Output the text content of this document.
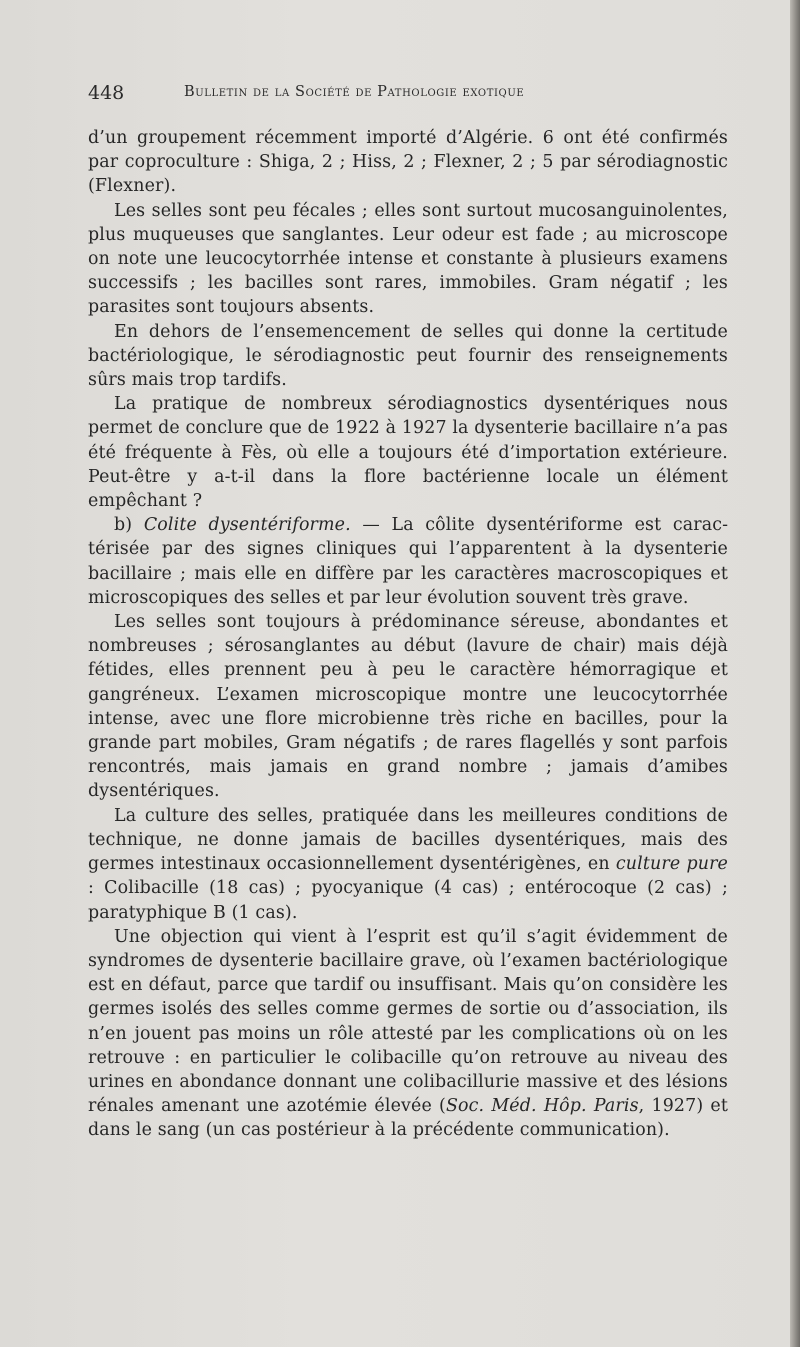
448	Bulletin de la Société de Pathologie exotique

d’un groupement récemment importé d’Algérie. 6 ont été confirmés par coproculture : Shiga, 2 ; Hiss, 2 ; Flexner, 2 ; 5 par sérodiagnostic (Flexner).

Les selles sont peu fécales ; elles sont surtout mucosanguinolentes, plus muqueuses que sanglantes. Leur odeur est fade ; au microscope on note une leucocytorrhée intense et constante à plusieurs examens successifs ; les bacilles sont rares, immobiles. Gram négatif ; les parasites sont toujours absents.

En dehors de l’ensemencement de selles qui donne la certitude bactériologique, le sérodiagnostic peut fournir des renseignements sûrs mais trop tardifs.

La pratique de nombreux sérodiagnostics dysentériques nous permet de conclure que de 1922 à 1927 la dysenterie bacillaire n’a pas été fréquente à Fès, où elle a toujours été d’importation extérieure. Peut-être y a-t-il dans la flore bactérienne locale un élément empêchant ?

b) Colite dysentériforme. — La côlite dysentériforme est caractérisée par des signes cliniques qui l’apparentent à la dysenterie bacillaire ; mais elle en diffère par les caractères macroscopiques et microscopiques des selles et par leur évolution souvent très grave.

Les selles sont toujours à prédominance séreuse, abondantes et nombreuses ; sérosanglantes au début (lavure de chair) mais déjà fétides, elles prennent peu à peu le caractère hémorragique et gangréneux. L’examen microscopique montre une leucocytorrhée intense, avec une flore microbienne très riche en bacilles, pour la grande part mobiles, Gram négatifs ; de rares flagellés y sont parfois rencontrés, mais jamais en grand nombre ; jamais d’amibes dysentériques.

La culture des selles, pratiquée dans les meilleures conditions de technique, ne donne jamais de bacilles dysentériques, mais des germes intestinaux occasionnellement dysentérigènes, en culture pure : Colibacille (18 cas) ; pyocyanique (4 cas) ; entérocoque (2 cas) ; paratyphique B (1 cas).

Une objection qui vient à l’esprit est qu’il s’agit évidemment de syndromes de dysenterie bacillaire grave, où l’examen bactériologique est en défaut, parce que tardif ou insuffisant. Mais qu’on considère les germes isolés des selles comme germes de sortie ou d’association, ils n’en jouent pas moins un rôle attesté par les complications où on les retrouve : en particulier le colibacille qu’on retrouve au niveau des urines en abondance donnant une colibacillurie massive et des lésions rénales amenant une azotémie élevée (Soc. Méd. Hôp. Paris, 1927) et dans le sang (un cas postérieur à la précédente communication).
